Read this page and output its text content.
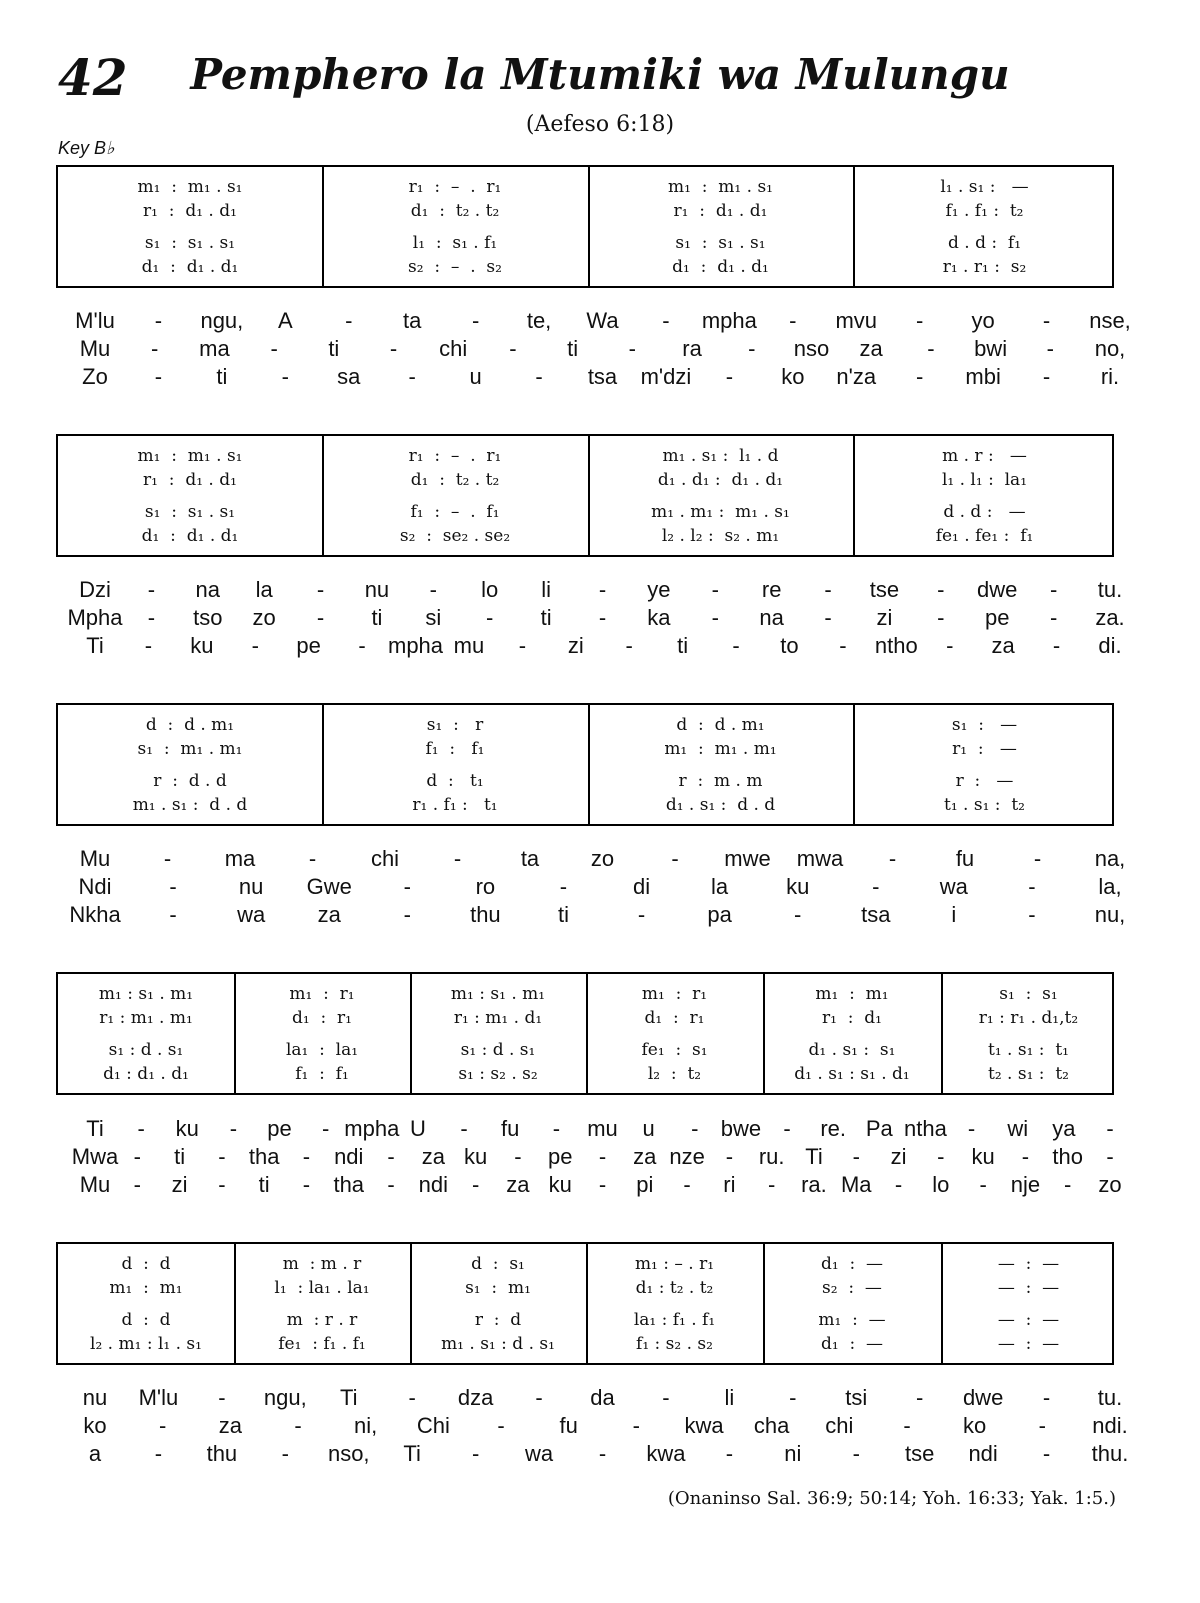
42 Pemphero la Mtumiki wa Mulungu
(Aefeso 6:18)
Key B♭
m₁  :  m₁ . s₁	r₁  :  –  .  r₁	m₁  :  m₁ . s₁	l₁ . s₁ :   —
r₁  :  d₁ . d₁	d₁  :  t₂ . t₂	r₁  :  d₁ . d₁	f₁ . f₁ :  t₂
s₁  :  s₁ . s₁	l₁  :  s₁ . f₁	s₁  :  s₁ . s₁	d . d :  f₁
d₁  :  d₁ . d₁	s₂  :  –  .  s₂	d₁  :  d₁ . d₁	r₁ . r₁ :  s₂
m₁  :  m₁ . s₁	r₁  :  –  .  r₁	m₁ . s₁ :  l₁ . d	m . r :   —
r₁  :  d₁ . d₁	d₁  :  t₂ . t₂	d₁ . d₁ :  d₁ . d₁	l₁ . l₁ :  la₁
s₁  :  s₁ . s₁	f₁  :  –  .  f₁	m₁ . m₁ :  m₁ . s₁	d . d :   —
d₁  :  d₁ . d₁	s₂  :  se₂ . se₂	l₂ . l₂ :  s₂ . m₁	fe₁ . fe₁ :  f₁
d  :  d . m₁	s₁  :   r	d  :  d . m₁	s₁  :   —
s₁  :  m₁ . m₁	f₁  :   f₁	m₁  :  m₁ . m₁	r₁  :   —
r  :  d . d	d  :   t₁	r  :  m . m	r  :   —
m₁ . s₁ :  d . d	r₁ . f₁ :   t₁	d₁ . s₁ :  d . d	t₁ . s₁ :  t₂
m₁ : s₁ . m₁	m₁  :  r₁	m₁ : s₁ . m₁	m₁  :  r₁	m₁  :  m₁	s₁  :  s₁
r₁ : m₁ . m₁	d₁  :  r₁	r₁ : m₁ . d₁	d₁  :  r₁	r₁  :  d₁	r₁ : r₁ . d₁,t₂
s₁ : d . s₁	la₁  :  la₁	s₁ : d . s₁	fe₁  :  s₁	d₁ . s₁ :  s₁	t₁ . s₁ :  t₁
d₁ : d₁ . d₁	f₁  :  f₁	s₁ : s₂ . s₂	l₂  :  t₂	d₁ . s₁ : s₁ . d₁	t₂ . s₁ :  t₂
d  :  d	m  : m . r	d  :  s₁	m₁ : – . r₁	d₁  :  —	—  :  —
m₁  :  m₁	l₁  : la₁ . la₁	s₁  :  m₁	d₁ : t₂ . t₂	s₂  :  —	—  :  —
d  :  d	m  : r . r	r  :  d	la₁ : f₁ . f₁	m₁  :  —	—  :  —
l₂ . m₁ : l₁ . s₁	fe₁  : f₁ . f₁	m₁ . s₁ : d . s₁	f₁ : s₂ . s₂	d₁  :  —	—  :  —
M'lu - ngu, A - ta - te, Wa - mpha - mvu - yo - nse,
Mu - ma - ti - chi - ti - ra - nso za - bwi - no,
Zo - ti - sa - u - tsa m'dzi - ko n'za - mbi - ri.
Dzi - na la - nu - lo li - ye - re - tse - dwe - tu.
Mpha - tso zo - ti si - ti - ka - na - zi - pe - za.
Ti - ku - pe - mpha mu - zi - ti - to - ntho - za - di.
Mu - ma - chi -	ta zo	- mwe mwa -	fu	- na,
Ndi	-	nu Gwe -	ro	-	di	la	ku	-	wa	-	la,
Nkha -	wa za	-	thu	ti	-	pa	-	tsa	i	-	nu,
Ti - ku - pe - mpha U - fu - mu u - bwe - re. Pa ntha - wi ya -
Mwa - ti - tha - ndi - za ku - pe - za nze - ru. Ti - zi - ku - tho -
Mu - zi - ti - tha - ndi - za ku - pi - ri - ra. Ma - lo - nje - zo
nu M'lu - ngu, Ti - dza - da - li - tsi - dwe - tu.
ko - za - ni, Chi - fu - kwa cha chi - ko - ndi.
a - thu - nso, Ti - wa - kwa - ni - tse ndi - thu.
(Onaninso Sal. 36:9; 50:14; Yoh. 16:33; Yak. 1:5.)
